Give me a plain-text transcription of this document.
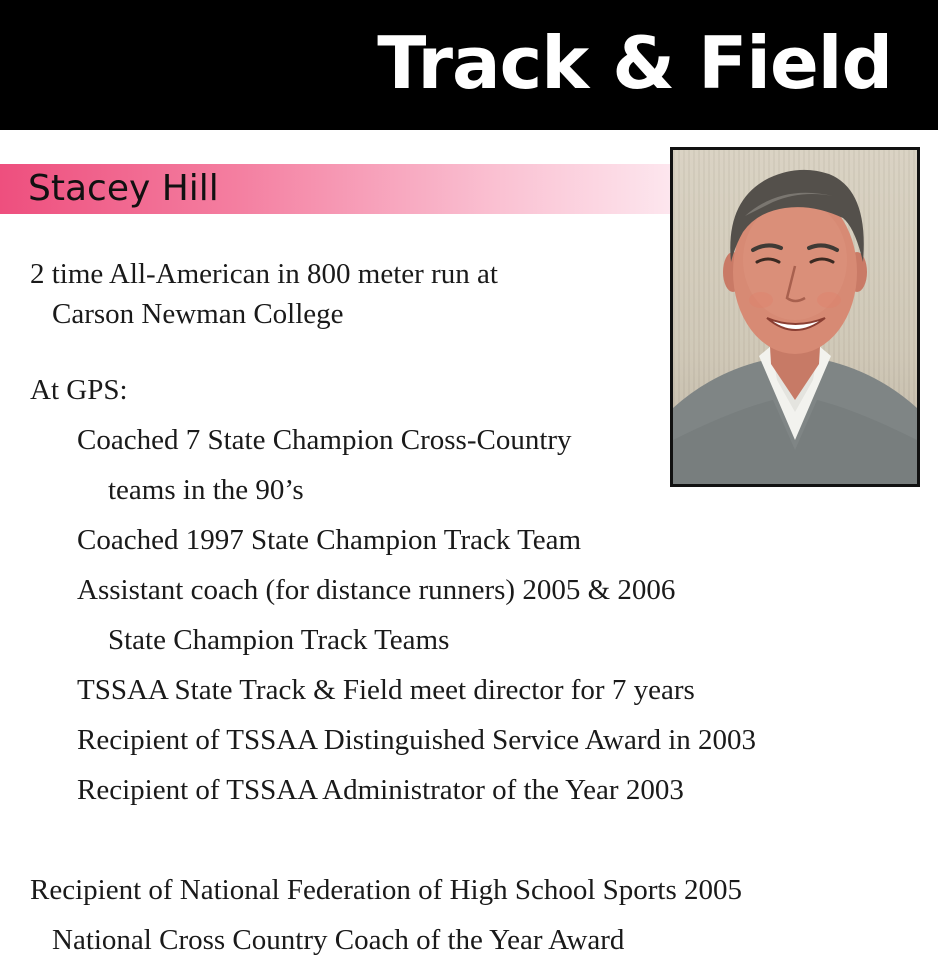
Track & Field
Stacey Hill
2 time All-American in 800 meter run at
Carson Newman College
At GPS:
Coached 7 State Champion Cross-Country
teams in the 90’s
Coached 1997 State Champion Track Team
Assistant coach (for distance runners) 2005 & 2006
State Champion Track Teams
TSSAA State Track & Field meet director for 7 years
Recipient of TSSAA Distinguished Service Award in 2003
Recipient of TSSAA Administrator of the Year 2003
Recipient of National Federation of High School Sports 2005
National Cross Country Coach of the Year Award
